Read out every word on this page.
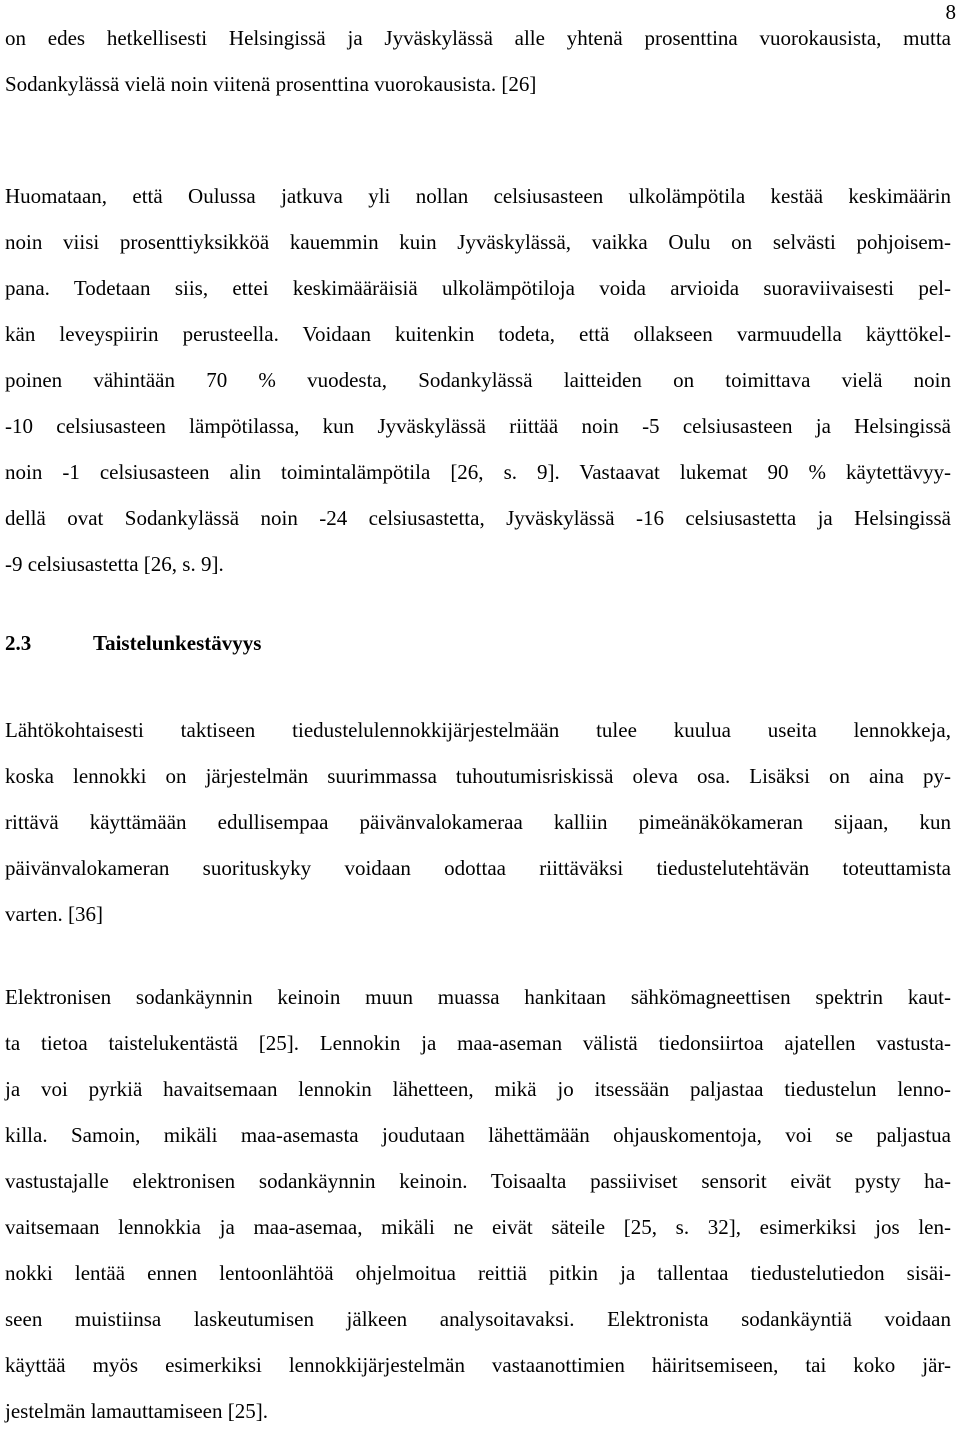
8
on edes hetkellisesti Helsingissä ja Jyväskylässä alle yhtenä prosenttina vuorokausista, mutta
Sodankylässä vielä noin viitenä prosenttina vuorokausista. [26]
Huomataan, että Oulussa jatkuva yli nollan celsiusasteen ulkolämpötila kestää keskimäärin
noin viisi prosenttiyksikköä kauemmin kuin Jyväskylässä, vaikka Oulu on selvästi pohjoisem-
pana. Todetaan siis, ettei keskimääräisiä ulkolämpötiloja voida arvioida suoraviivaisesti pel-
kän leveyspiirin perusteella. Voidaan kuitenkin todeta, että ollakseen varmuudella käyttökel-
poinen vähintään 70 % vuodesta, Sodankylässä laitteiden on toimittava vielä noin
-10 celsiusasteen lämpötilassa, kun Jyväskylässä riittää noin -5 celsiusasteen ja Helsingissä
noin -1 celsiusasteen alin toimintalämpötila [26, s. 9]. Vastaavat lukemat 90 % käytettävyy-
dellä ovat Sodankylässä noin -24 celsiusastetta, Jyväskylässä -16 celsiusastetta ja Helsingissä
-9 celsiusastetta [26, s. 9].
2.3	Taistelunkestävyys
Lähtökohtaisesti taktiseen tiedustelulennokkijärjestelmään tulee kuulua useita lennokkeja,
koska lennokki on järjestelmän suurimmassa tuhoutumisriskissä oleva osa. Lisäksi on aina py-
rittävä käyttämään edullisempaa päivänvalokameraa kalliin pimeänäkökameran sijaan, kun
päivänvalokameran suorituskyky voidaan odottaa riittäväksi tiedustelutehtävän toteuttamista
varten. [36]
Elektronisen sodankäynnin keinoin muun muassa hankitaan sähkömagneettisen spektrin kaut-
ta tietoa taistelukentästä [25]. Lennokin ja maa-aseman välistä tiedonsiirtoa ajatellen vastusta-
ja voi pyrkiä havaitsemaan lennokin lähetteen, mikä jo itsessään paljastaa tiedustelun lenno-
killa. Samoin, mikäli maa-asemasta joudutaan lähettämään ohjauskomentoja, voi se paljastua
vastustajalle elektronisen sodankäynnin keinoin. Toisaalta passiiviset sensorit eivät pysty ha-
vaitsemaan lennokkia ja maa-asemaa, mikäli ne eivät säteile [25, s. 32], esimerkiksi jos len-
nokki lentää ennen lentoonlähtöä ohjelmoitua reittiä pitkin ja tallentaa tiedustelutiedon sisäi-
seen muistiinsa laskeutumisen jälkeen analysoitavaksi. Elektronista sodankäyntiä voidaan
käyttää myös esimerkiksi lennokkijärjestelmän vastaanottimien häiritsemiseen, tai koko jär-
jestelmän lamauttamiseen [25].
